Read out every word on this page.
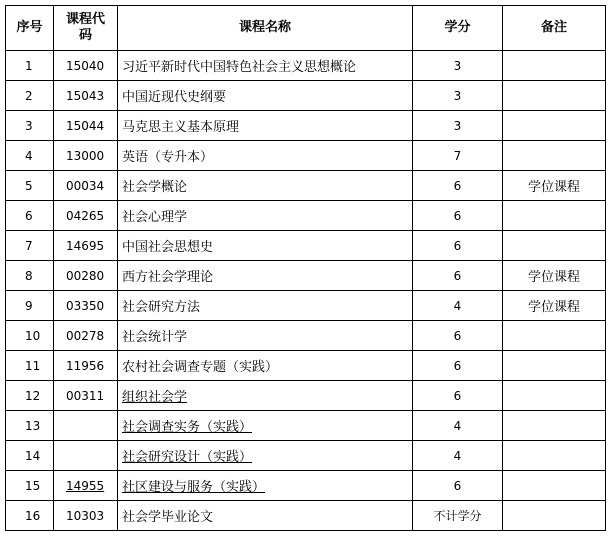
序号	课程代码	课程名称	学分	备注
1	15040	习近平新时代中国特色社会主义思想概论	3	
2	15043	中国近现代史纲要	3	
3	15044	马克思主义基本原理	3	
4	13000	英语（专升本）	7	
5	00034	社会学概论	6	学位课程
6	04265	社会心理学	6	
7	14695	中国社会思想史	6	
8	00280	西方社会学理论	6	学位课程
9	03350	社会研究方法	4	学位课程
10	00278	社会统计学	6	
11	11956	农村社会调查专题（实践）	6	
12	00311	组织社会学	6	
13		社会调查实务（实践）	4	
14		社会研究设计（实践）	4	
15	14955	社区建设与服务（实践）	6	
16	10303	社会学毕业论文	不计学分	
